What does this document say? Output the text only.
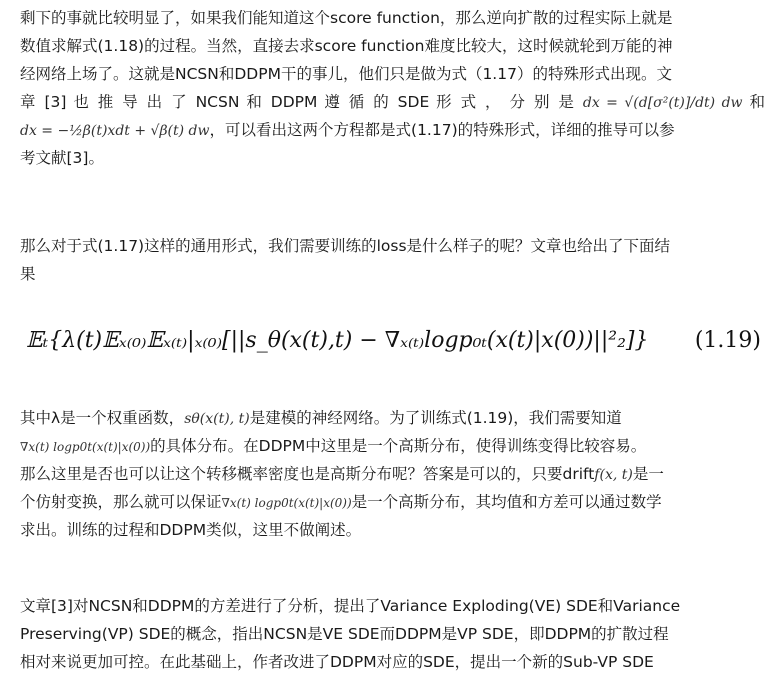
剩下的事就比较明显了，如果我们能知道这个score function，那么逆向扩散的过程实际上就是
数值求解式(1.18)的过程。当然，直接去求score function难度比较大，这时候就轮到万能的神
经网络上场了。这就是NCSN和DDPM干的事儿，他们只是做为式（1.17）的特殊形式出现。文
章 [3] 也 推 导 出 了 NCSN 和 DDPM 遵 循 的 SDE 形 式 ， 分 别 是 dx = √(d[σ²(t)]/dt) dw 和
dx = −½β(t)xdt + √β(t) dw，可以看出这两个方程都是式(1.17)的特殊形式，详细的推导可以参
考文献[3]。
那么对于式(1.17)这样的通用形式，我们需要训练的loss是什么样子的呢？文章也给出了下面结
果
𝔼ₜ{λ(t)𝔼ₓ₍₀₎𝔼ₓ₍ₜ₎|ₓ₍₀₎[||s_θ(x(t),t) − ∇ₓ₍ₜ₎logp₀ₜ(x(t)|x(0))||²₂]} (1.19)
其中λ是一个权重函数，sθ(x(t), t)是建模的神经网络。为了训练式(1.19)，我们需要知道
∇x(t) logp0t(x(t)|x(0))的具体分布。在DDPM中这里是一个高斯分布，使得训练变得比较容易。
那么这里是否也可以让这个转移概率密度也是高斯分布呢？答案是可以的，只要driftf(x, t)是一
个仿射变换，那么就可以保证∇x(t) logp0t(x(t)|x(0))是一个高斯分布，其均值和方差可以通过数学
求出。训练的过程和DDPM类似，这里不做阐述。
文章[3]对NCSN和DDPM的方差进行了分析，提出了Variance Exploding(VE) SDE和Variance
Preserving(VP) SDE的概念，指出NCSN是VE SDE而DDPM是VP SDE，即DDPM的扩散过程
相对来说更加可控。在此基础上，作者改进了DDPM对应的SDE，提出一个新的Sub-VP SDE
